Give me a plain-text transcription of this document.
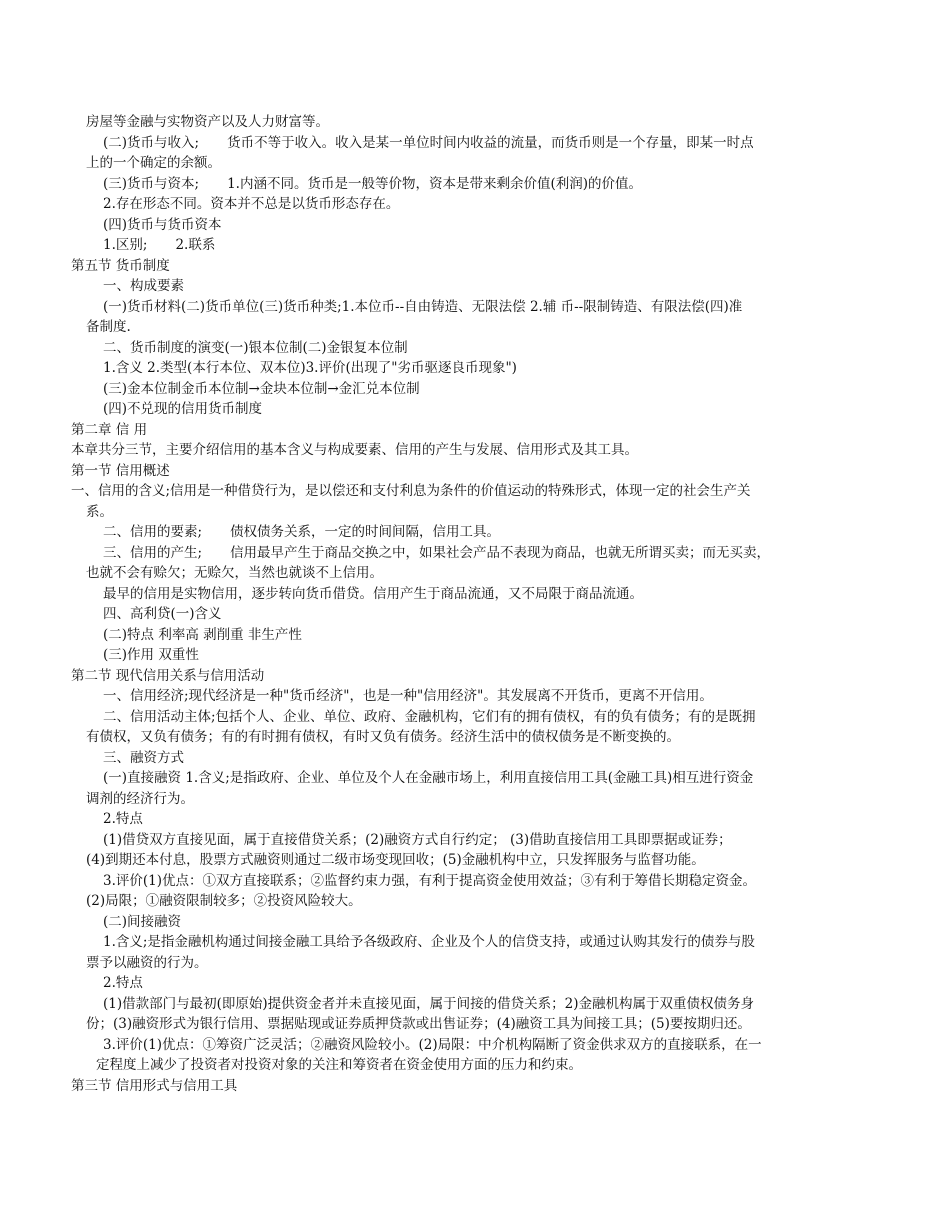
房屋等金融与实物资产以及人力财富等。
(二)货币与收入; 货币不等于收入。收入是某一单位时间内收益的流量，而货币则是一个存量，即某一时点
上的一个确定的余额。
(三)货币与资本; 1.内涵不同。货币是一般等价物，资本是带来剩余价值(利润)的价值。
2.存在形态不同。资本并不总是以货币形态存在。
(四)货币与货币资本
1.区别; 2.联系
第五节 货币制度
一、构成要素
(一)货币材料(二)货币单位(三)货币种类;1.本位币--自由铸造、无限法偿 2.辅 币--限制铸造、有限法偿(四)准
备制度.
二、货币制度的演变(一)银本位制(二)金银复本位制
1.含义 2.类型(本行本位、双本位)3.评价(出现了"劣币驱逐良币现象")
(三)金本位制金币本位制→金块本位制→金汇兑本位制
(四)不兑现的信用货币制度
第二章 信 用
本章共分三节，主要介绍信用的基本含义与构成要素、信用的产生与发展、信用形式及其工具。
第一节 信用概述
一、信用的含义;信用是一种借贷行为，是以偿还和支付利息为条件的价值运动的特殊形式，体现一定的社会生产关
系。
二、信用的要素; 债权债务关系，一定的时间间隔，信用工具。
三、信用的产生; 信用最早产生于商品交换之中，如果社会产品不表现为商品，也就无所谓买卖；而无买卖，
也就不会有赊欠；无赊欠，当然也就谈不上信用。
最早的信用是实物信用，逐步转向货币借贷。信用产生于商品流通，又不局限于商品流通。
四、高利贷(一)含义
(二)特点 利率高 剥削重 非生产性
(三)作用 双重性
第二节 现代信用关系与信用活动
一、信用经济;现代经济是一种"货币经济"，也是一种"信用经济"。其发展离不开货币，更离不开信用。
二、信用活动主体;包括个人、企业、单位、政府、金融机构，它们有的拥有债权，有的负有债务；有的是既拥
有债权，又负有债务；有的有时拥有债权，有时又负有债务。经济生活中的债权债务是不断变换的。
三、融资方式
(一)直接融资 1.含义;是指政府、企业、单位及个人在金融市场上，利用直接信用工具(金融工具)相互进行资金
调剂的经济行为。
2.特点
(1)借贷双方直接见面，属于直接借贷关系；(2)融资方式自行约定； (3)借助直接信用工具即票据或证券；
(4)到期还本付息，股票方式融资则通过二级市场变现回收；(5)金融机构中立，只发挥服务与监督功能。
3.评价(1)优点：①双方直接联系；②监督约束力强，有利于提高资金使用效益；③有利于筹借长期稳定资金。
(2)局限；①融资限制较多；②投资风险较大。
(二)间接融资
1.含义;是指金融机构通过间接金融工具给予各级政府、企业及个人的信贷支持，或通过认购其发行的债券与股
票予以融资的行为。
2.特点
(1)借款部门与最初(即原始)提供资金者并未直接见面，属于间接的借贷关系；2)金融机构属于双重债权债务身
份；(3)融资形式为银行信用、票据贴现或证券质押贷款或出售证券；(4)融资工具为间接工具；(5)要按期归还。
3.评价(1)优点：①筹资广泛灵活；②融资风险较小。(2)局限：中介机构隔断了资金供求双方的直接联系，在一
定程度上减少了投资者对投资对象的关注和筹资者在资金使用方面的压力和约束。
第三节 信用形式与信用工具
